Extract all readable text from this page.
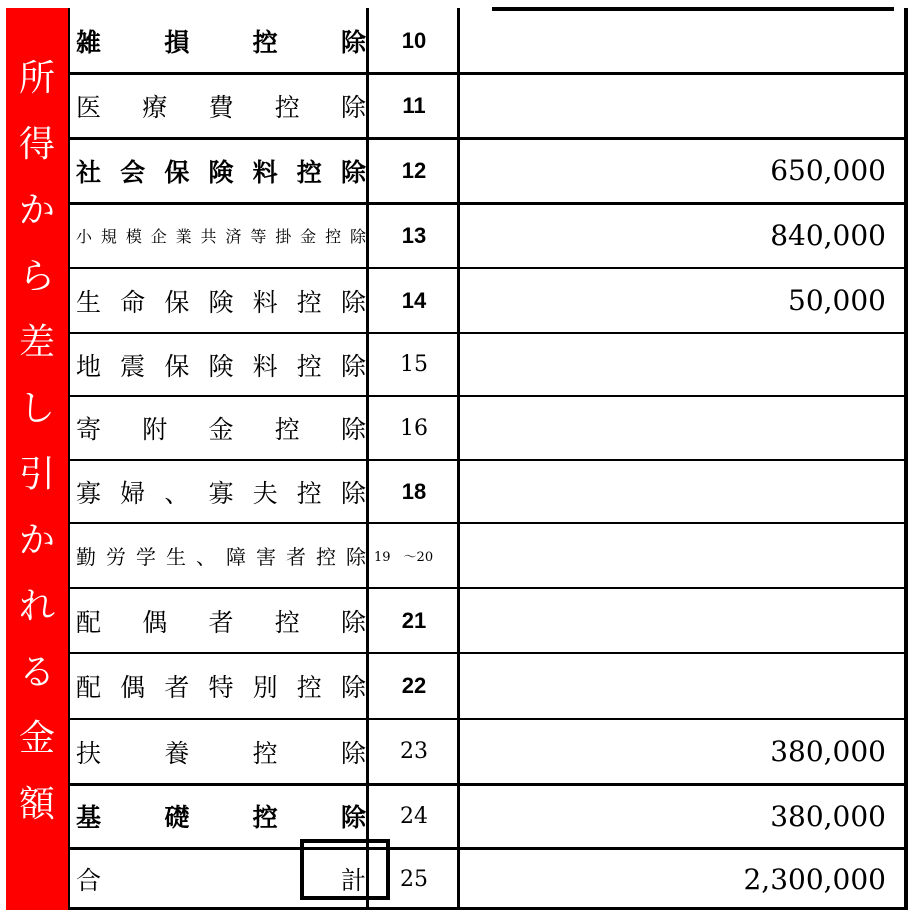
所
得
か
ら
差
し
引
か
れ
る
金
額
雑	損	控	除	10
医 療 費 控 除	11
社 会 保 険 料 控 除	12	650,000
小 規 模 企 業 共 済 等 掛 金 控 除	13	840,000
生 命 保 険 料 控 除	14	50,000
地 震 保 険 料 控 除	15
寄 附 金 控 除	16
寡 婦 、 寡 夫 控 除	18
勤 労 学 生 、 障 害 者 控 除 19　～20
配 偶 者 控 除	21
配 偶 者 特 別 控 除	22
扶	養	控	除	23	380,000
基	礎	控	除	24	380,000
合	計	25	2,300,000
